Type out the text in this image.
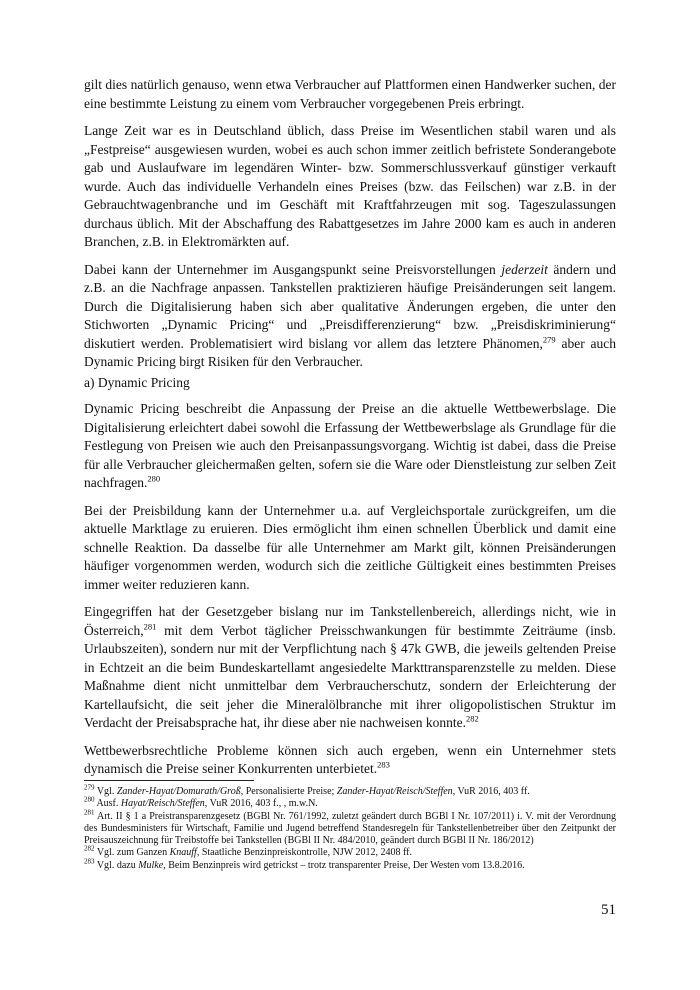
gilt dies natürlich genauso, wenn etwa Verbraucher auf Plattformen einen Handwerker suchen, der eine bestimmte Leistung zu einem vom Verbraucher vorgegebenen Preis erbringt.

Lange Zeit war es in Deutschland üblich, dass Preise im Wesentlichen stabil waren und als „Festpreise“ ausgewiesen wurden, wobei es auch schon immer zeitlich befristete Sonderangebote gab und Auslaufware im legendären Winter- bzw. Sommerschlussverkauf günstiger verkauft wurde. Auch das individuelle Verhandeln eines Preises (bzw. das Feilschen) war z.B. in der Gebrauchtwagenbranche und im Geschäft mit Kraftfahrzeugen mit sog. Tageszulassungen durchaus üblich. Mit der Abschaffung des Rabattgesetzes im Jahre 2000 kam es auch in anderen Branchen, z.B. in Elektromärkten auf.

Dabei kann der Unternehmer im Ausgangspunkt seine Preisvorstellungen jederzeit ändern und z.B. an die Nachfrage anpassen. Tankstellen praktizieren häufige Preisänderungen seit langem. Durch die Digitalisierung haben sich aber qualitative Änderungen ergeben, die unter den Stichworten „Dynamic Pricing“ und „Preisdifferenzierung“ bzw. „Preisdiskriminierung“ diskutiert werden. Problematisiert wird bislang vor allem das letztere Phänomen,$^{279}$ aber auch Dynamic Pricing birgt Risiken für den Verbraucher.

a) Dynamic Pricing

Dynamic Pricing beschreibt die Anpassung der Preise an die aktuelle Wettbewerbslage. Die Digitalisierung erleichtert dabei sowohl die Erfassung der Wettbewerbslage als Grundlage für die Festlegung von Preisen wie auch den Preisanpassungsvorgang. Wichtig ist dabei, dass die Preise für alle Verbraucher gleichermaßen gelten, sofern sie die Ware oder Dienstleistung zur selben Zeit nachfragen.$^{280}$

Bei der Preisbildung kann der Unternehmer u.a. auf Vergleichsportale zurückgreifen, um die aktuelle Marktlage zu eruieren. Dies ermöglicht ihm einen schnellen Überblick und damit eine schnelle Reaktion. Da dasselbe für alle Unternehmer am Markt gilt, können Preisänderungen häufiger vorgenommen werden, wodurch sich die zeitliche Gültigkeit eines bestimmten Preises immer weiter reduzieren kann.

Eingegriffen hat der Gesetzgeber bislang nur im Tankstellenbereich, allerdings nicht, wie in Österreich,$^{281}$ mit dem Verbot täglicher Preisschwankungen für bestimmte Zeiträume (insb. Urlaubszeiten), sondern nur mit der Verpflichtung nach § 47k GWB, die jeweils geltenden Preise in Echtzeit an die beim Bundeskartellamt angesiedelte Markttransparenzstelle zu melden. Diese Maßnahme dient nicht unmittelbar dem Verbraucherschutz, sondern der Erleichterung der Kartellaufsicht, die seit jeher die Mineralölbranche mit ihrer oligopolistischen Struktur im Verdacht der Preisabsprache hat, ihr diese aber nie nachweisen konnte.$^{282}$

Wettbewerbsrechtliche Probleme können sich auch ergeben, wenn ein Unternehmer stets dynamisch die Preise seiner Konkurrenten unterbietet.$^{283}$

$^{279}$ Vgl. Zander-Hayat/Domurath/Groß, Personalisierte Preise; Zander-Hayat/Reisch/Steffen, VuR 2016, 403 ff.

$^{280}$ Ausf. Hayat/Reisch/Steffen, VuR 2016, 403 f., , m.w.N.

$^{281}$ Art. II § 1 a Preistransparenzgesetz (BGBl Nr. 761/1992, zuletzt geändert durch BGBl I Nr. 107/2011) i. V. mit der Verordnung des Bundesministers für Wirtschaft, Familie und Jugend betreffend Standesregeln für Tankstellenbetreiber über den Zeitpunkt der Preisauszeichnung für Treibstoffe bei Tankstellen (BGBl II Nr. 484/2010, geändert durch BGBl II Nr. 186/2012)

$^{282}$ Vgl. zum Ganzen Knauff, Staatliche Benzinpreiskontrolle, NJW 2012, 2408 ff.

$^{283}$ Vgl. dazu Mulke, Beim Benzinpreis wird getrickst – trotz transparenter Preise, Der Westen vom 13.8.2016.

51
